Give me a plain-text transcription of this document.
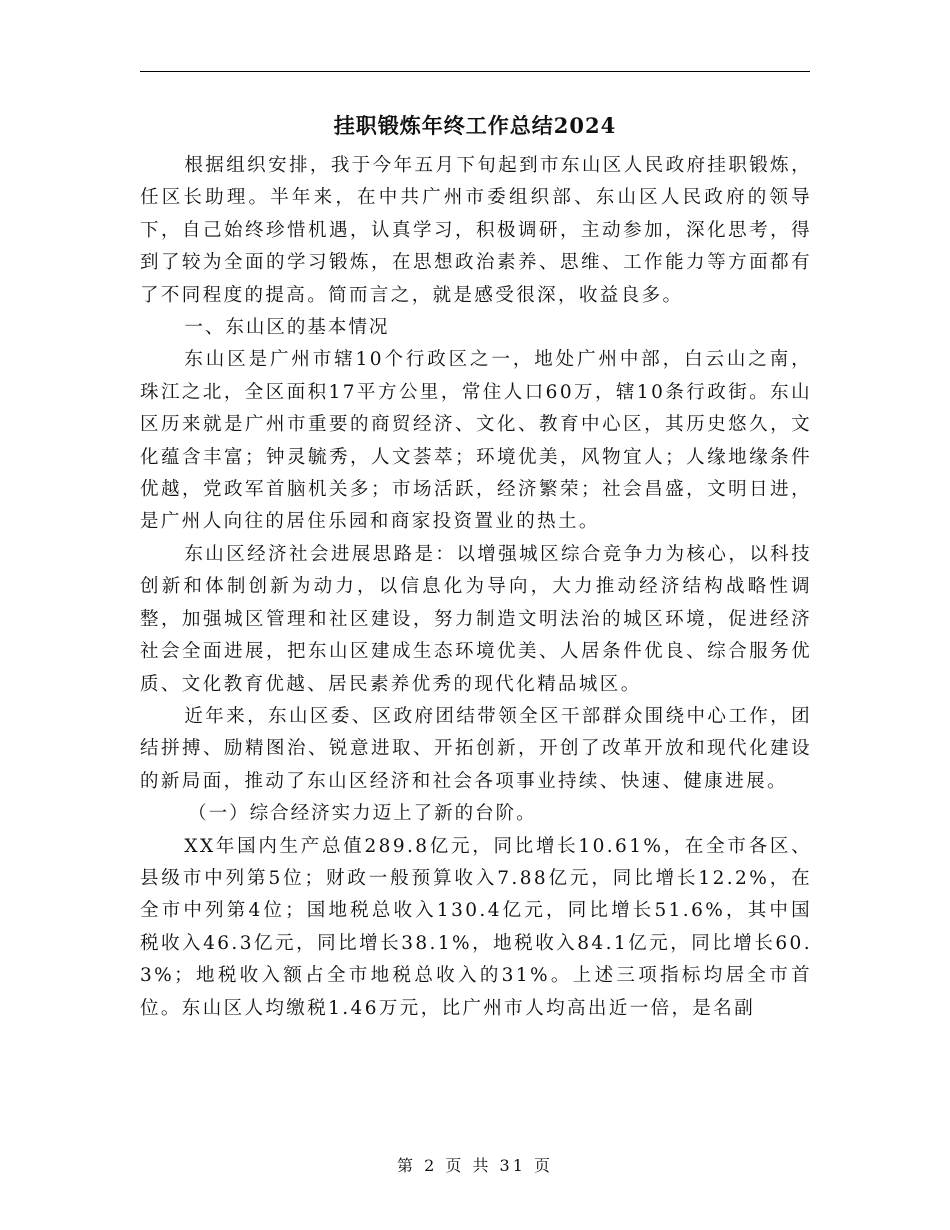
挂职锻炼年终工作总结2024

根据组织安排，我于今年五月下旬起到市东山区人民政府挂职锻炼，任区长助理。半年来，在中共广州市委组织部、东山区人民政府的领导下，自己始终珍惜机遇，认真学习，积极调研，主动参加，深化思考，得到了较为全面的学习锻炼，在思想政治素养、思维、工作能力等方面都有了不同程度的提高。简而言之，就是感受很深，收益良多。

一、东山区的基本情况

东山区是广州市辖10个行政区之一，地处广州中部，白云山之南，珠江之北，全区面积17平方公里，常住人口60万，辖10条行政街。东山区历来就是广州市重要的商贸经济、文化、教育中心区，其历史悠久，文化蕴含丰富；钟灵毓秀，人文荟萃；环境优美，风物宜人；人缘地缘条件优越，党政军首脑机关多；市场活跃，经济繁荣；社会昌盛，文明日进，是广州人向往的居住乐园和商家投资置业的热土。

东山区经济社会进展思路是：以增强城区综合竞争力为核心，以科技创新和体制创新为动力，以信息化为导向，大力推动经济结构战略性调整，加强城区管理和社区建设，努力制造文明法治的城区环境，促进经济社会全面进展，把东山区建成生态环境优美、人居条件优良、综合服务优质、文化教育优越、居民素养优秀的现代化精品城区。

近年来，东山区委、区政府团结带领全区干部群众围绕中心工作，团结拼搏、励精图治、锐意进取、开拓创新，开创了改革开放和现代化建设的新局面，推动了东山区经济和社会各项事业持续、快速、健康进展。

（一）综合经济实力迈上了新的台阶。

XX年国内生产总值289.8亿元，同比增长10.61%，在全市各区、县级市中列第5位；财政一般预算收入7.88亿元，同比增长12.2%，在全市中列第4位；国地税总收入130.4亿元，同比增长51.6%，其中国税收入46.3亿元，同比增长38.1%，地税收入84.1亿元，同比增长60.3%；地税收入额占全市地税总收入的31%。上述三项指标均居全市首位。东山区人均缴税1.46万元，比广州市人均高出近一倍，是名副

第 2 页 共 31 页
